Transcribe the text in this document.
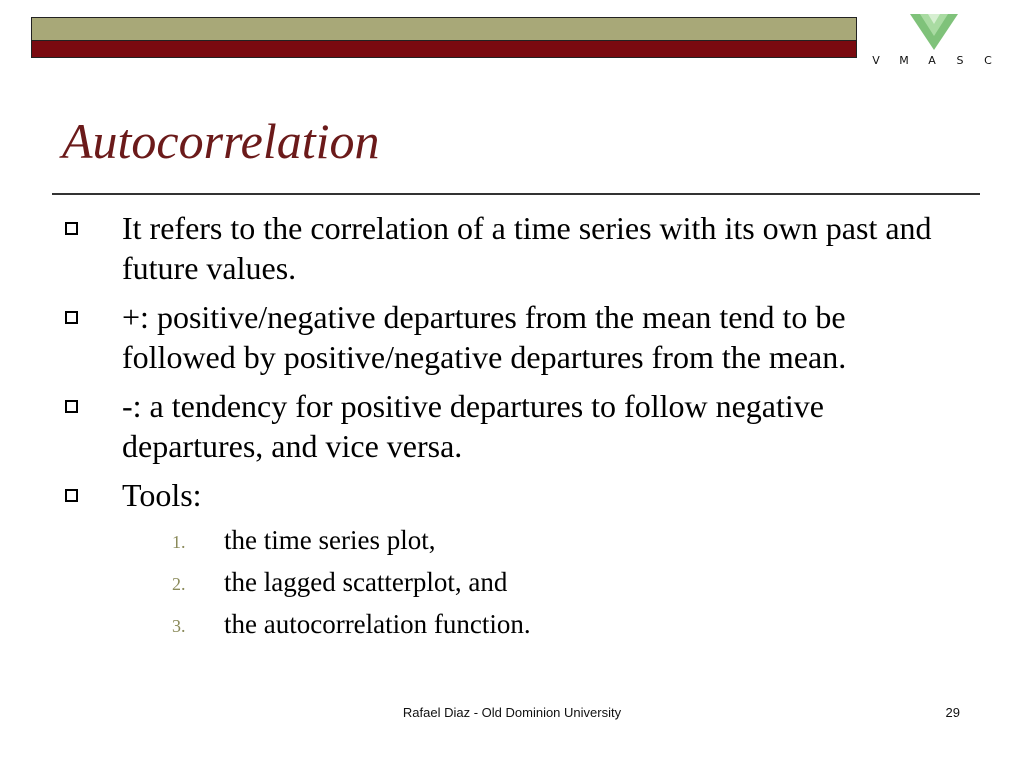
V	M	A	S	C
Autocorrelation
It refers to the correlation of a time series with its own past and future values.
+: positive/negative departures from the mean tend to be followed by positive/negative departures from the mean.
-: a tendency for positive departures to follow negative departures, and vice versa.
Tools:
1. the time series plot,
2. the lagged scatterplot, and
3. the autocorrelation function.
Rafael Diaz - Old Dominion University	29
